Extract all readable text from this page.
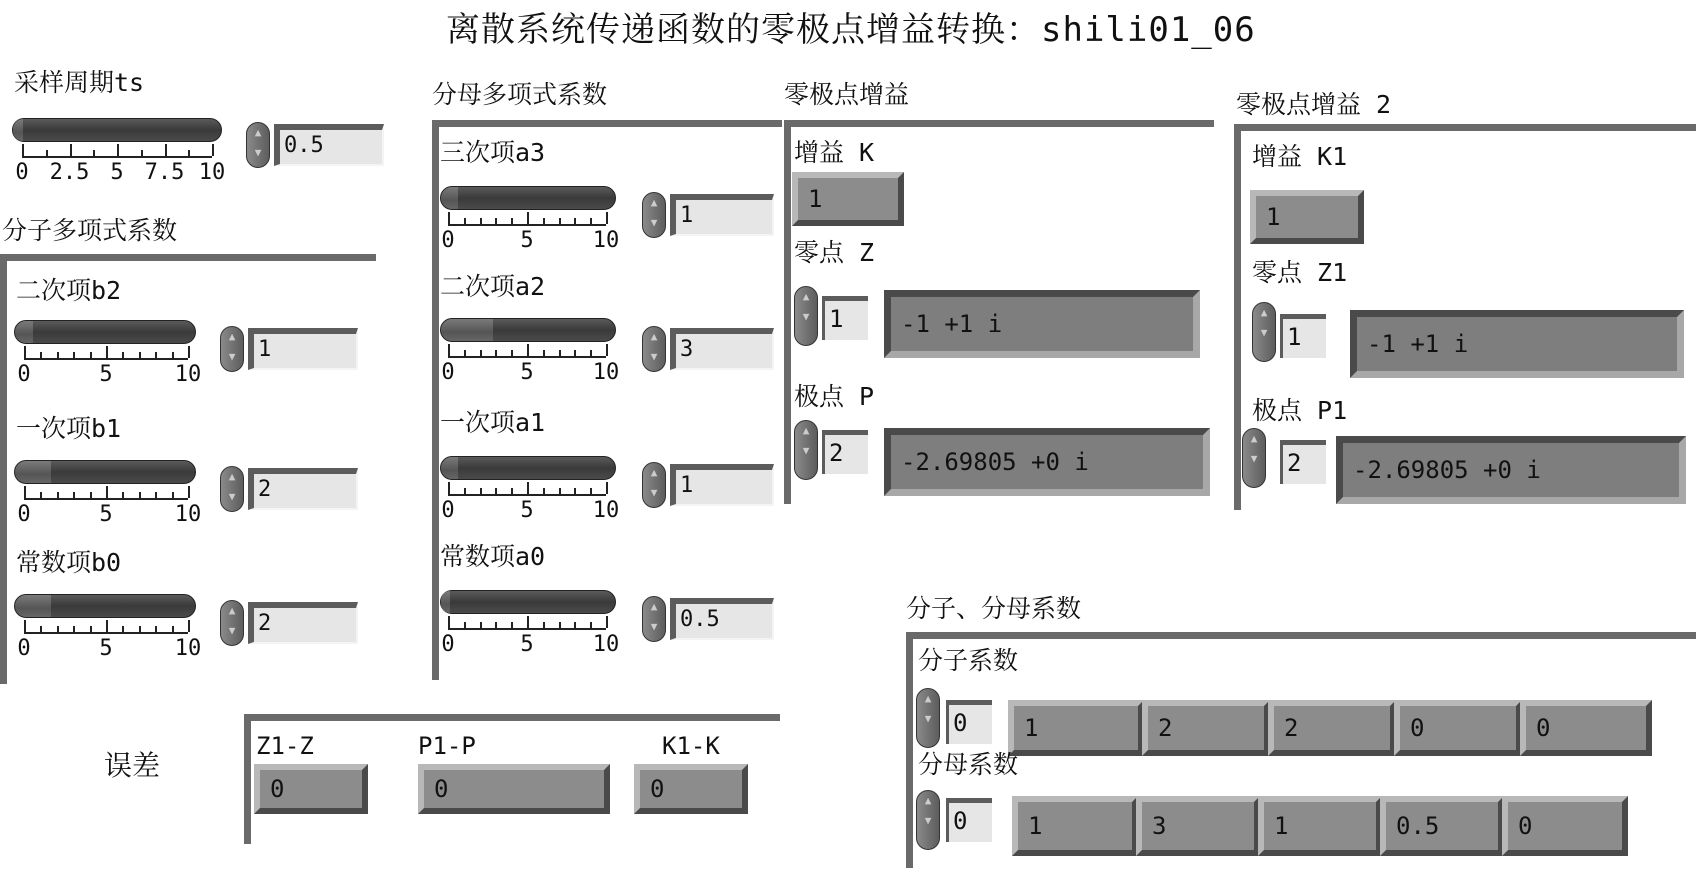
离散系统传递函数的零极点增益转换：shili01_06
采样周期ts
0 2.5 5 7.5 10
▲
▼	0.5
分子多项式系数
二次项b2
0	5	10
▲
▼	1
一次项b1
0	5	10
▲
▼	2
常数项b0
0	5	10
▲
▼	2
分母多项式系数
三次项a3
0	5	10
▲
▼	1
二次项a2
0	5	10
▲
▼	3
一次项a1
0	5	10
▲
▼	1
常数项a0
0	5	10
▲
▼	0.5
零极点增益
增益 K
1
零点 Z
▲
▼ 1	-1 +1 i
极点 P
▲
▼ 2	-2.69805 +0 i
零极点增益 2
增益 K1
1
零点 Z1
▲
▼ 1	-1 +1 i
极点 P1
▲
▼	2	-2.69805 +0 i
误差
Z1-Z
0
P1-P
0
K1-K
0
分子、分母系数
分子系数
▲
▼ 0	1	2	2	0	0
分母系数
▲
▼ 0	1	3	1	0.5	0
